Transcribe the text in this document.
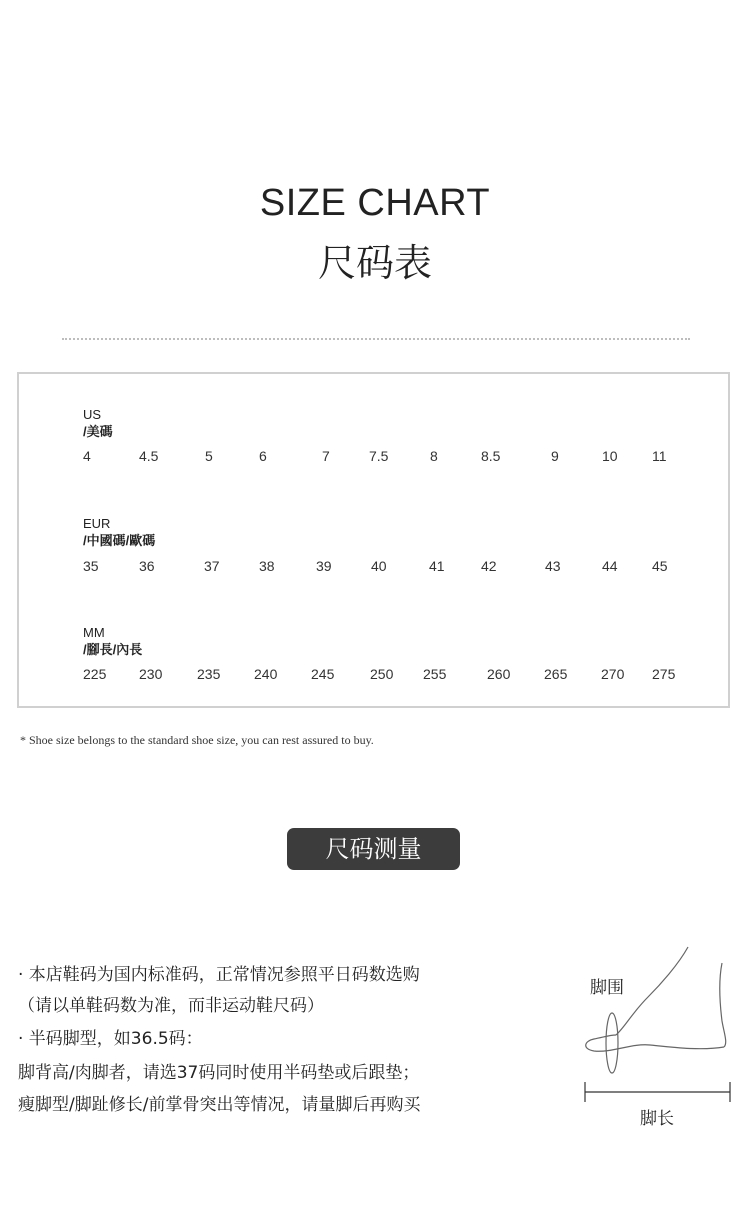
SIZE CHART
尺码表
US
/美碼
4	4.5	5	6	7	7.5	8	8.5	9	10	11
EUR
/中國碼/歐碼
35	36	37	38	39	40	41	42	43	44	45
MM
/腳長/內長
225	230	235	240	245	250	255	260	265	270	275
* Shoe size belongs to the standard shoe size, you can rest assured to buy.
尺码测量
· 本店鞋码为国内标准码，正常情况参照平日码数选购
（请以单鞋码数为准，而非运动鞋尺码）
· 半码脚型，如36.5码：
脚背高/肉脚者，请选37码同时使用半码垫或后跟垫；
瘦脚型/脚趾修长/前掌骨突出等情况，请量脚后再购买
脚围
脚长
